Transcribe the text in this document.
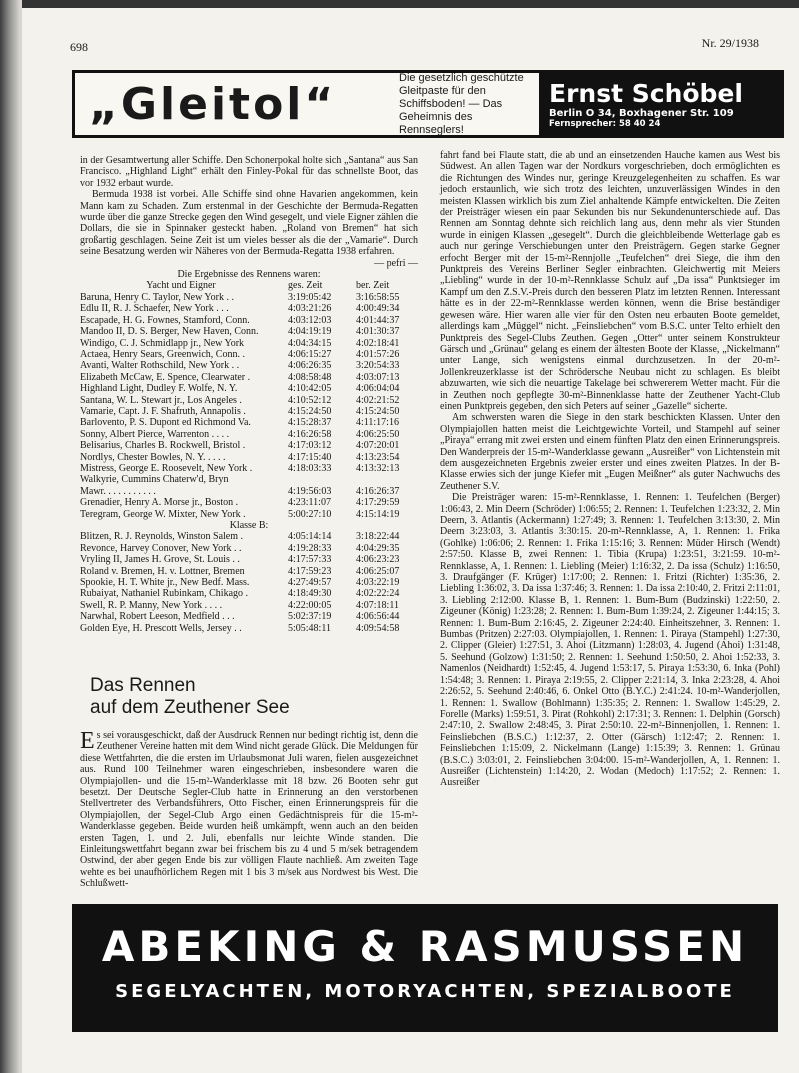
698	Nr. 29/1938
„Gleitol“
Die gesetzlich geschützte Gleitpaste für den Schiffsboden! — Das Geheimnis des Rennseglers!
Ernst Schöbel
Berlin O 34, Boxhagener Str. 109
Fernsprecher: 58 40 24
in der Gesamtwertung aller Schiffe. Den Schonerpokal holte sich „Santana“ aus San Francisco. „Highland Light“ erhält den Finley-Pokal für das schnellste Boot, das vor 1932 erbaut wurde.
Bermuda 1938 ist vorbei. Alle Schiffe sind ohne Havarien angekommen, kein Mann kam zu Schaden. Zum erstenmal in der Geschichte der Bermuda-Regatten wurde über die ganze Strecke gegen den Wind gesegelt, und viele Eigner zählen die Dollars, die sie in Spinnaker gesteckt haben. „Roland von Bremen“ hat sich großartig geschlagen. Seine Zeit ist um vieles besser als die der „Vamarie“. Durch seine Besatzung werden wir Näheres von der Bermuda-Regatta 1938 erfahren.
— pefri —
Die Ergebnisse des Rennens waren:
Yacht und Eigner	ges. Zeit	ber. Zeit
Baruna, Henry C. Taylor, New York . .	3:19:05:42	3:16:58:55
Edlu II, R. J. Schaefer, New York . . .	4:03:21:26	4:00:49:34
Escapade, H. G. Fownes, Stamford, Conn.	4:03:12:03	4:01:44:37
Mandoo II, D. S. Berger, New Haven, Conn.	4:04:19:19	4:01:30:37
Windigo, C. J. Schmidlapp jr., New York	4:04:34:15	4:02:18:41
Actaea, Henry Sears, Greenwich, Conn. .	4:06:15:27	4:01:57:26
Avanti, Walter Rothschild, New York . .	4:06:26:35	3:20:54:33
Elizabeth McCaw, E. Spence, Clearwater .	4:08:58:48	4:03:07:13
Highland Light, Dudley F. Wolfe, N. Y.	4:10:42:05	4:06:04:04
Santana, W. L. Stewart jr., Los Angeles .	4:10:52:12	4:02:21:52
Vamarie, Capt. J. F. Shafruth, Annapolis .	4:15:24:50	4:15:24:50
Barlovento, P. S. Dupont ed Richmond Va.	4:15:28:37	4:11:17:16
Sonny, Albert Pierce, Warrenton . . . .	4:16:26:58	4:06:25:50
Belisarius, Charles B. Rockwell, Bristol .	4:17:03:12	4:07:20:01
Nordlys, Chester Bowles, N. Y. . . . .	4:17:15:40	4:13:23:54
Mistress, George E. Roosevelt, New York .	4:18:03:33	4:13:32:13
Walkyrie, Cummins Chaterw'd, Bryn		
Mawr. . . . . . . . . . .	4:19:56:03	4:16:26:37
Grenadier, Henry A. Morse jr., Boston .	4:23:11:07	4:17:29:59
Teregram, George W. Mixter, New York .	5:00:27:10	4:15:14:19
Klasse B:
Blitzen, R. J. Reynolds, Winston Salem .	4:05:14:14	3:18:22:44
Revonce, Harvey Conover, New York . .	4:19:28:33	4:04:29:35
Vryling II, James H. Grove, St. Louis . .	4:17:57:33	4:06:23:23
Roland v. Bremen, H. v. Lottner, Bremen	4:17:59:23	4:06:25:07
Spookie, H. T. White jr., New Bedf. Mass.	4:27:49:57	4:03:22:19
Rubaiyat, Nathaniel Rubinkam, Chikago .	4:18:49:30	4:02:22:24
Swell, R. P. Manny, New York . . . .	4:22:00:05	4:07:18:11
Narwhal, Robert Leeson, Medfield . . .	5:02:37:19	4:06:56:44
Golden Eye, H. Prescott Wells, Jersey . .	5:05:48:11	4:09:54:58
Das Rennen
auf dem Zeuthener See
Es sei vorausgeschickt, daß der Ausdruck Rennen nur bedingt richtig ist, denn die Zeuthener Vereine hatten mit dem Wind nicht gerade Glück. Die Meldungen für diese Wettfahrten, die die ersten im Urlaubsmonat Juli waren, fielen ausgezeichnet aus. Rund 100 Teilnehmer waren eingeschrieben, insbesondere waren die Olympiajollen- und die 15-m²-Wanderklasse mit 18 bzw. 26 Booten sehr gut besetzt. Der Deutsche Segler-Club hatte in Erinnerung an den verstorbenen Stellvertreter des Verbandsführers, Otto Fischer, einen Erinnerungspreis für die Olympiajollen, der Segel-Club Argo einen Gedächtnispreis für die 15-m²-Wanderklasse gegeben. Beide wurden heiß umkämpft, wenn auch an den beiden ersten Tagen, 1. und 2. Juli, ebenfalls nur leichte Winde standen. Die Einleitungswettfahrt begann zwar bei frischem bis zu 4 und 5 m/sek betragendem Ostwind, der aber gegen Ende bis zur völligen Flaute nachließ. Am zweiten Tage wehte es bei unaufhörlichem Regen mit 1 bis 3 m/sek aus Nordwest bis West. Die Schlußwett-
fahrt fand bei Flaute statt, die ab und an einsetzenden Hauche kamen aus West bis Südwest. An allen Tagen war der Nordkurs vorgeschrieben, doch ermöglichten es die Richtungen des Windes nur, geringe Kreuzgelegenheiten zu schaffen. Es war jedoch erstaunlich, wie sich trotz des leichten, unzuverlässigen Windes in den meisten Klassen wirklich bis zum Ziel anhaltende Kämpfe entwickelten. Die Zeiten der Preisträger wiesen ein paar Sekunden bis nur Sekundenunterschiede auf. Das Rennen am Sonntag dehnte sich reichlich lang aus, denn mehr als vier Stunden wurde in einigen Klassen „gesegelt“. Durch die gleichbleibende Wetterlage gab es auch nur geringe Verschiebungen unter den Preisträgern. Gegen starke Gegner erfocht Berger mit der 15-m²-Rennjolle „Teufelchen“ drei Siege, die ihm den Punktpreis des Vereins Berliner Segler einbrachten. Gleichwertig mit Meiers „Liebling“ wurde in der 10-m²-Rennklasse Schulz auf „Da issa“ Punktsieger im Kampf um den Z.S.V.-Preis durch den besseren Platz im letzten Rennen. Interessant hätte es in der 22-m²-Rennklasse werden können, wenn die Brise beständiger gewesen wäre. Hier waren alle vier für den Osten neu erbauten Boote gemeldet, allerdings kam „Müggel“ nicht. „Feinsliebchen“ vom B.S.C. unter Telto erhielt den Punktpreis des Segel-Clubs Zeuthen. Gegen „Otter“ unter seinem Konstrukteur Gärsch und „Grünau“ gelang es einem der ältesten Boote der Klasse, „Nickelmann“ unter Lange, sich wenigstens einmal durchzusetzen. In der 20-m²-Jollenkreuzerklasse ist der Schrödersche Neubau nicht zu schlagen. Es bleibt abzuwarten, wie sich die neuartige Takelage bei schwererem Wetter macht. Für die in Zeuthen noch gepflegte 30-m²-Binnenklasse hatte der Zeuthener Yacht-Club einen Punktpreis gegeben, den sich Peters auf seiner „Gazelle“ sicherte.
Am schwersten waren die Siege in den stark beschickten Klassen. Unter den Olympiajollen hatten meist die Leichtgewichte Vorteil, und Stampehl auf seiner „Piraya“ errang mit zwei ersten und einem fünften Platz den einen Erinnerungspreis. Den Wanderpreis der 15-m²-Wanderklasse gewann „Ausreißer“ von Lichtenstein mit dem ausgezeichneten Ergebnis zweier erster und eines zweiten Platzes. In der B-Klasse erwies sich der junge Kiefer mit „Eugen Meißner“ als guter Nachwuchs des Zeuthener S.V.
Die Preisträger waren: 15-m²-Rennklasse, 1. Rennen: 1. Teufelchen (Berger) 1:06:43, 2. Min Deern (Schröder) 1:06:55; 2. Rennen: 1. Teufelchen 1:23:32, 2. Min Deern, 3. Atlantis (Ackermann) 1:27:49; 3. Rennen: 1. Teufelchen 3:13:30, 2. Min Deern 3:23:03, 3. Atlantis 3:30:15. 20-m²-Rennklasse, A, 1. Rennen: 1. Frika (Gohlke) 1:06:06; 2. Rennen: 1. Frika 1:15:16; 3. Rennen: Müder Hirsch (Wendt) 2:57:50. Klasse B, zwei Rennen: 1. Tibia (Krupa) 1:23:51, 3:21:59. 10-m²-Rennklasse, A, 1. Rennen: 1. Liebling (Meier) 1:16:32, 2. Da issa (Schulz) 1:16:50, 3. Draufgänger (F. Krüger) 1:17:00; 2. Rennen: 1. Fritzi (Richter) 1:35:36, 2. Liebling 1:36:02, 3. Da issa 1:37:46; 3. Rennen: 1. Da issa 2:10:40, 2. Fritzi 2:11:01, 3. Liebling 2:12:00. Klasse B, 1. Rennen: 1. Bum-Bum (Budzinski) 1:22:50, 2. Zigeuner (König) 1:23:28; 2. Rennen: 1. Bum-Bum 1:39:24, 2. Zigeuner 1:44:15; 3. Rennen: 1. Bum-Bum 2:16:45, 2. Zigeuner 2:24:40. Einheitszehner, 3. Rennen: 1. Bumbas (Pritzen) 2:27:03. Olympiajollen, 1. Rennen: 1. Piraya (Stampehl) 1:27:30, 2. Clipper (Gleier) 1:27:51, 3. Ahoi (Litzmann) 1:28:03, 4. Jugend (Ahoi) 1:31:48, 5. Seehund (Golzow) 1:31:50; 2. Rennen: 1. Seehund 1:50:50, 2. Ahoi 1:52:33, 3. Namenlos (Neidhardt) 1:52:45, 4. Jugend 1:53:17, 5. Piraya 1:53:30, 6. Inka (Pohl) 1:54:48; 3. Rennen: 1. Piraya 2:19:55, 2. Clipper 2:21:14, 3. Inka 2:23:28, 4. Ahoi 2:26:52, 5. Seehund 2:40:46, 6. Onkel Otto (B.Y.C.) 2:41:24. 10-m²-Wanderjollen, 1. Rennen: 1. Swallow (Bohlmann) 1:35:35; 2. Rennen: 1. Swallow 1:45:29, 2. Forelle (Marks) 1:59:51, 3. Pirat (Rohkohl) 2:17:31; 3. Rennen: 1. Delphin (Gorsch) 2:47:10, 2. Swallow 2:48:45, 3. Pirat 2:50:10. 22-m²-Binnenjollen, 1. Rennen: 1. Feinsliebchen (B.S.C.) 1:12:37, 2. Otter (Gärsch) 1:12:47; 2. Rennen: 1. Feinsliebchen 1:15:09, 2. Nickelmann (Lange) 1:15:39; 3. Rennen: 1. Grünau (B.S.C.) 3:03:01, 2. Feinsliebchen 3:04:00. 15-m²-Wanderjollen, A, 1. Rennen: 1. Ausreißer (Lichtenstein) 1:14:20, 2. Wodan (Medoch) 1:17:52; 2. Rennen: 1. Ausreißer
ABEKING & RASMUSSEN
SEGELYACHTEN, MOTORYACHTEN, SPEZIALBOOTE
